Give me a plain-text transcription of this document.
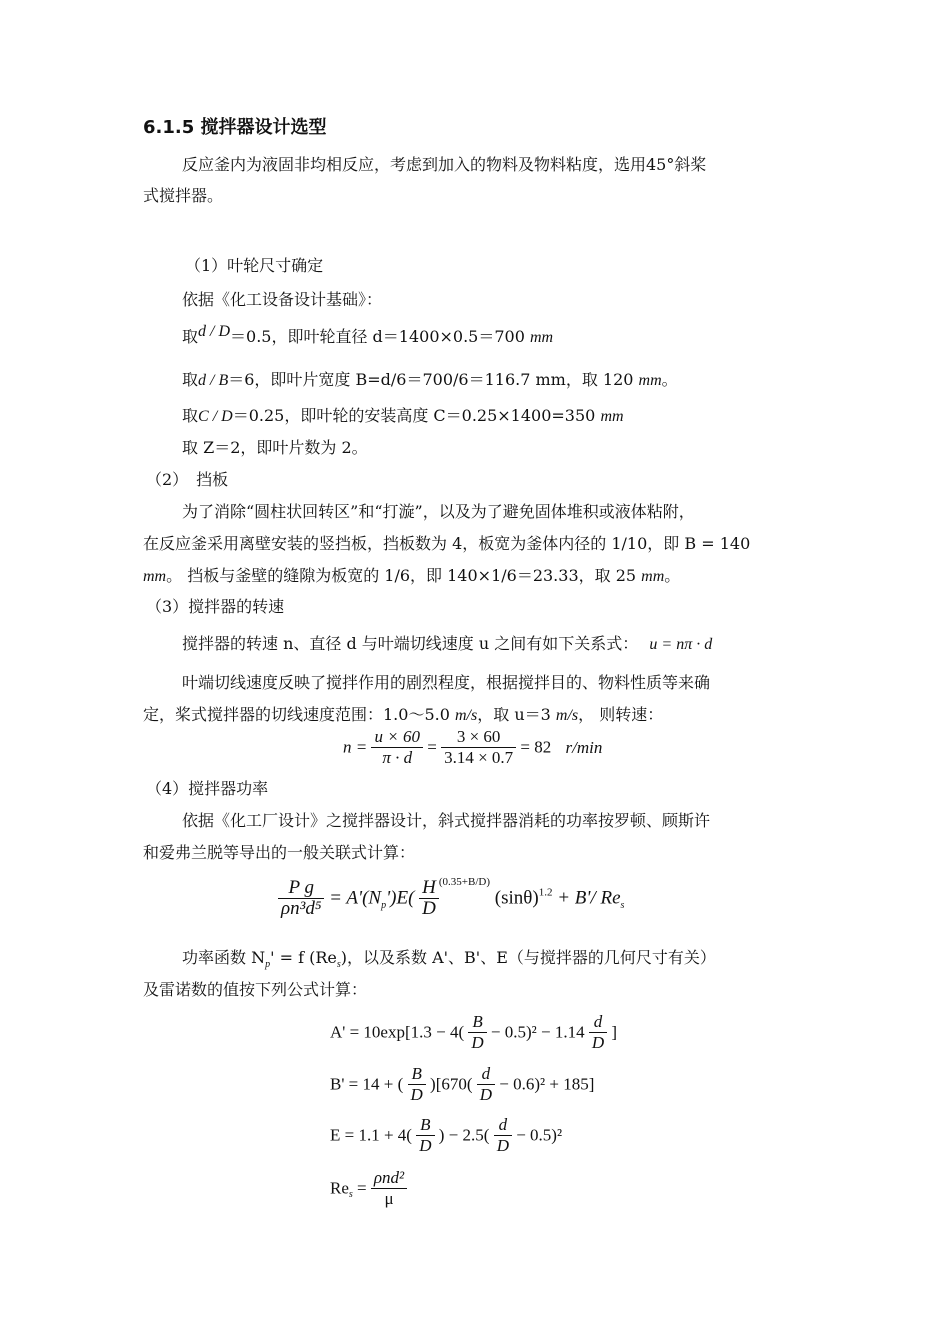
6.1.5 搅拌器设计选型
反应釜内为液固非均相反应，考虑到加入的物料及物料粘度，选用45°斜桨
式搅拌器。
（1）叶轮尺寸确定
依据《化工设备设计基础》：
取d / D＝0.5，即叶轮直径 d＝1400×0.5＝700 mm
取d / B＝6，即叶片宽度 B=d/6＝700/6＝116.7 mm，取 120 mm。
取C / D＝0.25，即叶轮的安装高度 C＝0.25×1400=350 mm
取 Z＝2，即叶片数为 2。
（2）　挡板
为了消除“圆柱状回转区”和“打漩”，以及为了避免固体堆积或液体粘附，
在反应釜采用离壁安装的竖挡板，挡板数为 4，板宽为釜体内径的 1/10，即 B = 140
mm。 挡板与釜壁的缝隙为板宽的 1/6，即 140×1/6＝23.33，取 25 mm。
（3）搅拌器的转速
搅拌器的转速 n、直径 d 与叶端切线速度 u 之间有如下关系式： u = nπ · d
叶端切线速度反映了搅拌作用的剧烈程度，根据搅拌目的、物料性质等来确
定，桨式搅拌器的切线速度范围：1.0～5.0 m/s，取 u＝3 m/s， 则转速：
$n = \frac{u \times 60}{\pi \cdot d} = \frac{3 \times 60}{3.14 \times 0.7} = 82$ r/min
（4）搅拌器功率
依据《化工厂设计》之搅拌器设计，斜式搅拌器消耗的功率按罗顿、顾斯许
和爱弗兰脱等导出的一般关联式计算：
$\frac{\text{P g}}{\text{ρn³d⁵}} = A'(N_p')E( \frac{H}{D} ^{(0.35+B/D)}$ $(\sin\theta)^{1.2} + B'/$ $Re_s$
功率函数 $N_p' = f$ $(Re_s)$，以及系数 A'、B'、E（与搅拌器的几何尺寸有关）
及雷诺数的值按下列公式计算：
$A' = 10\exp[1.3 - 4( \frac{B}{D} - 0.5)^2 - 1.14 \frac{d}{D}$ ]
B' = 14 + ( $\frac{B}{D} )[670( \frac{d}{D} - 0.6)^2 + 185]$
$E = 1.1 + 4( \frac{B}{D}$ ) − $2.5( \frac{d}{D} - 0.5)^2$
$Re_s = \frac{\text{ρnd²}}{\mu}$
